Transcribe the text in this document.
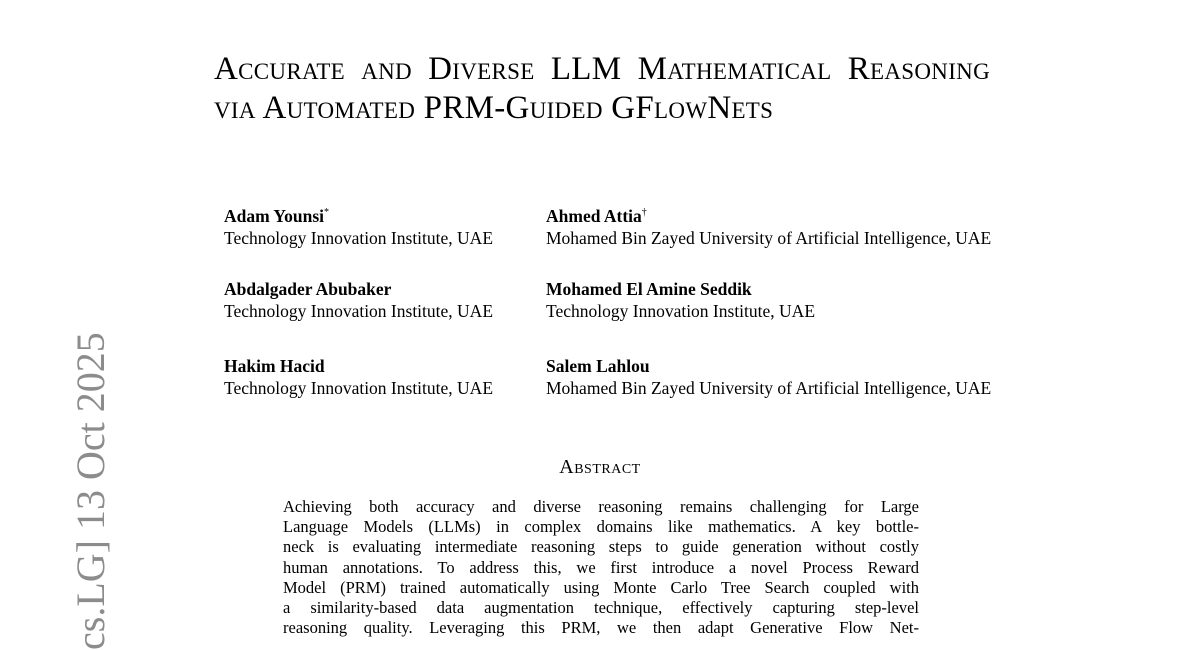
cs.LG] 13 Oct 2025
Accurate and Diverse LLM Mathematical Reasoning via Automated PRM-Guided GFlowNets
Adam Younsi*
Technology Innovation Institute, UAE
Ahmed Attia†
Mohamed Bin Zayed University of Artificial Intelligence, UAE
Abdalgader Abubaker
Technology Innovation Institute, UAE
Mohamed El Amine Seddik
Technology Innovation Institute, UAE
Hakim Hacid
Technology Innovation Institute, UAE
Salem Lahlou
Mohamed Bin Zayed University of Artificial Intelligence, UAE
Abstract
Achieving both accuracy and diverse reasoning remains challenging for Large
Language Models (LLMs) in complex domains like mathematics. A key bottle-
neck is evaluating intermediate reasoning steps to guide generation without costly
human annotations. To address this, we first introduce a novel Process Reward
Model (PRM) trained automatically using Monte Carlo Tree Search coupled with
a similarity-based data augmentation technique, effectively capturing step-level
reasoning quality. Leveraging this PRM, we then adapt Generative Flow Net-
